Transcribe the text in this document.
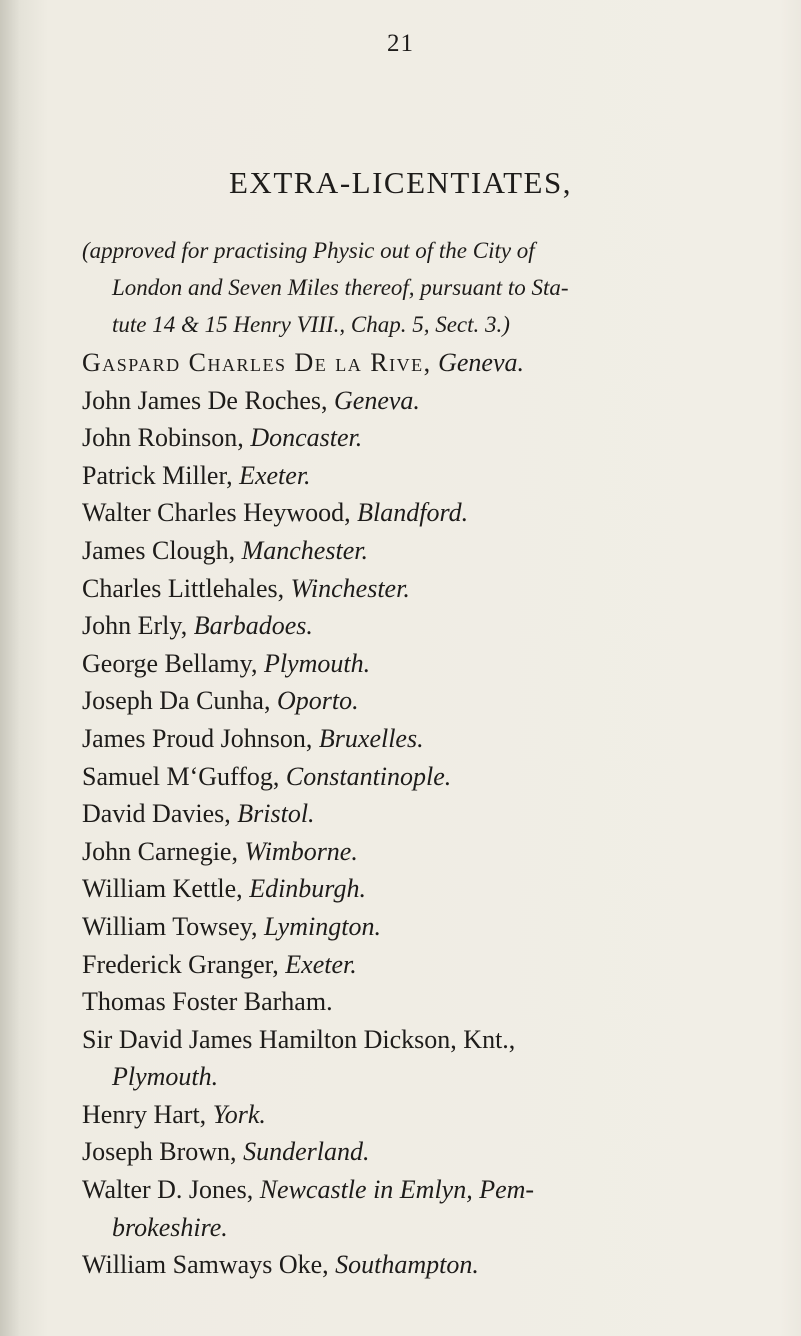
21
EXTRA-LICENTIATES,
(approved for practising Physic out of the City of
London and Seven Miles thereof, pursuant to Sta-
tute 14 & 15 Henry VIII., Chap. 5, Sect. 3.)
Gaspard Charles De la Rive, Geneva.
John James De Roches, Geneva.
John Robinson, Doncaster.
Patrick Miller, Exeter.
Walter Charles Heywood, Blandford.
James Clough, Manchester.
Charles Littlehales, Winchester.
John Erly, Barbadoes.
George Bellamy, Plymouth.
Joseph Da Cunha, Oporto.
James Proud Johnson, Bruxelles.
Samuel M‘Guffog, Constantinople.
David Davies, Bristol.
John Carnegie, Wimborne.
William Kettle, Edinburgh.
William Towsey, Lymington.
Frederick Granger, Exeter.
Thomas Foster Barham.
Sir David James Hamilton Dickson, Knt.,
Plymouth.
Henry Hart, York.
Joseph Brown, Sunderland.
Walter D. Jones, Newcastle in Emlyn, Pem-
brokeshire.
William Samways Oke, Southampton.
